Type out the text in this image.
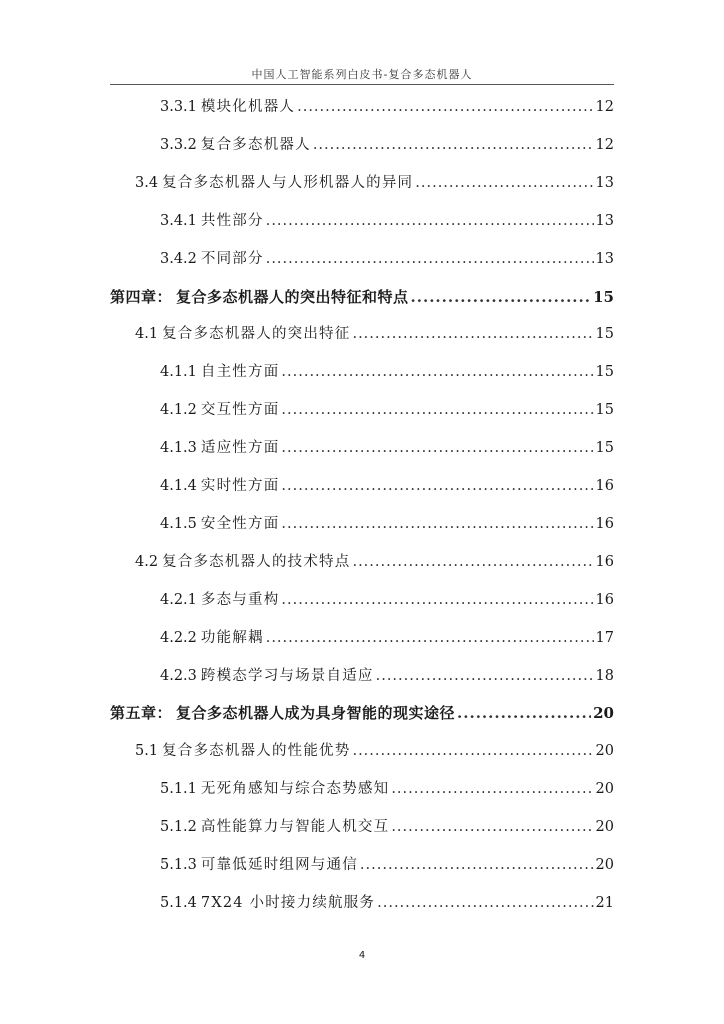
中国人工智能系列白皮书-复合多态机器人
3.3.1 模块化机器人 .....	12
3.3.2 复合多态机器人 .....	12
3.4 复合多态机器人与人形机器人的异同 .....	13
3.4.1 共性部分 .....	13
3.4.2 不同部分 .....	13
第四章： 复合多态机器人的突出特征和特点 .....	15
4.1 复合多态机器人的突出特征 .....	15
4.1.1 自主性方面 .....	15
4.1.2 交互性方面 .....	15
4.1.3 适应性方面 .....	15
4.1.4 实时性方面 .....	16
4.1.5 安全性方面 .....	16
4.2 复合多态机器人的技术特点 .....	16
4.2.1 多态与重构 .....	16
4.2.2 功能解耦 .....	17
4.2.3 跨模态学习与场景自适应 .....	18
第五章： 复合多态机器人成为具身智能的现实途径 .....	20
5.1 复合多态机器人的性能优势 .....	20
5.1.1 无死角感知与综合态势感知 .....	20
5.1.2 高性能算力与智能人机交互 .....	20
5.1.3 可靠低延时组网与通信 .....	20
5.1.4 7X24 小时接力续航服务 .....	21
4
